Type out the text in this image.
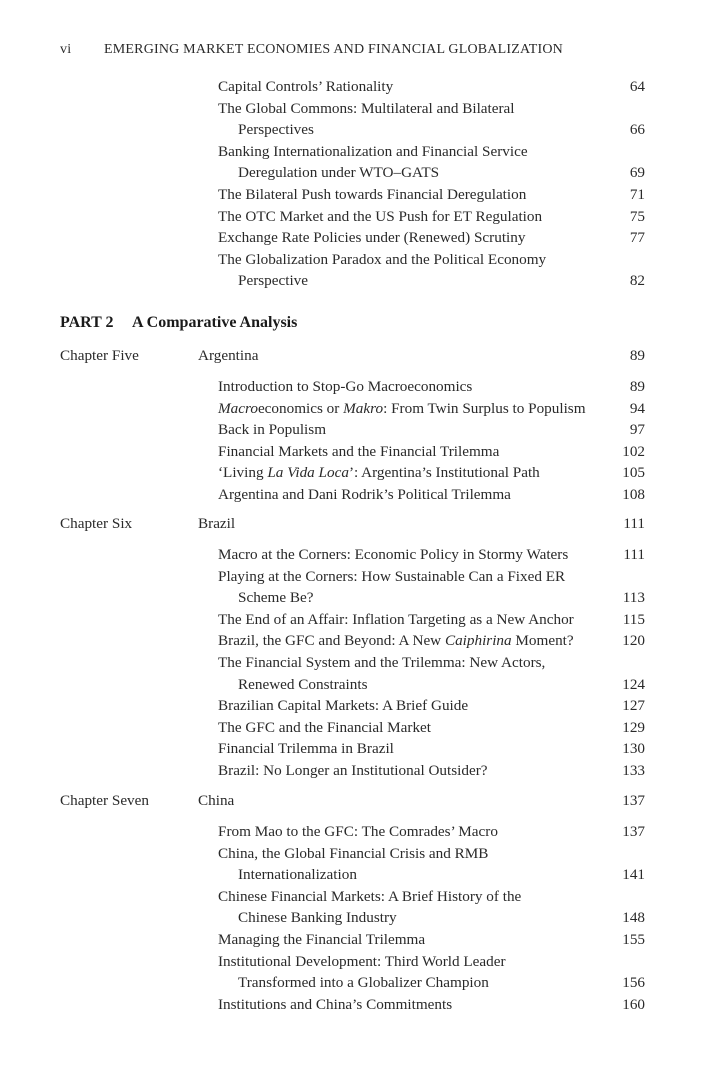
vi EMERGING MARKET ECONOMIES AND FINANCIAL GLOBALIZATION
Capital Controls’ Rationality	64
The Global Commons: Multilateral and Bilateral
Perspectives	66
Banking Internationalization and Financial Service
Deregulation under WTO–GATS	69
The Bilateral Push towards Financial Deregulation	71
The OTC Market and the US Push for ET Regulation	75
Exchange Rate Policies under (Renewed) Scrutiny	77
The Globalization Paradox and the Political Economy
Perspective	82
PART 2 A Comparative Analysis
Chapter Five	Argentina	89
Introduction to Stop-Go Macroeconomics	89
Macroeconomics or Makro: From Twin Surplus to Populism	94
Back in Populism	97
Financial Markets and the Financial Trilemma	102
‘Living La Vida Loca’: Argentina’s Institutional Path	105
Argentina and Dani Rodrik’s Political Trilemma	108
Chapter Six	Brazil	111
Macro at the Corners: Economic Policy in Stormy Waters	111
Playing at the Corners: How Sustainable Can a Fixed ER
Scheme Be?	113
The End of an Affair: Inflation Targeting as a New Anchor	115
Brazil, the GFC and Beyond: A New Caiphirina Moment?	120
The Financial System and the Trilemma: New Actors,
Renewed Constraints	124
Brazilian Capital Markets: A Brief Guide	127
The GFC and the Financial Market	129
Financial Trilemma in Brazil	130
Brazil: No Longer an Institutional Outsider?	133
Chapter Seven	China	137
From Mao to the GFC: The Comrades’ Macro	137
China, the Global Financial Crisis and RMB
Internationalization	141
Chinese Financial Markets: A Brief History of the
Chinese Banking Industry	148
Managing the Financial Trilemma	155
Institutional Development: Third World Leader
Transformed into a Globalizer Champion	156
Institutions and China’s Commitments	160
